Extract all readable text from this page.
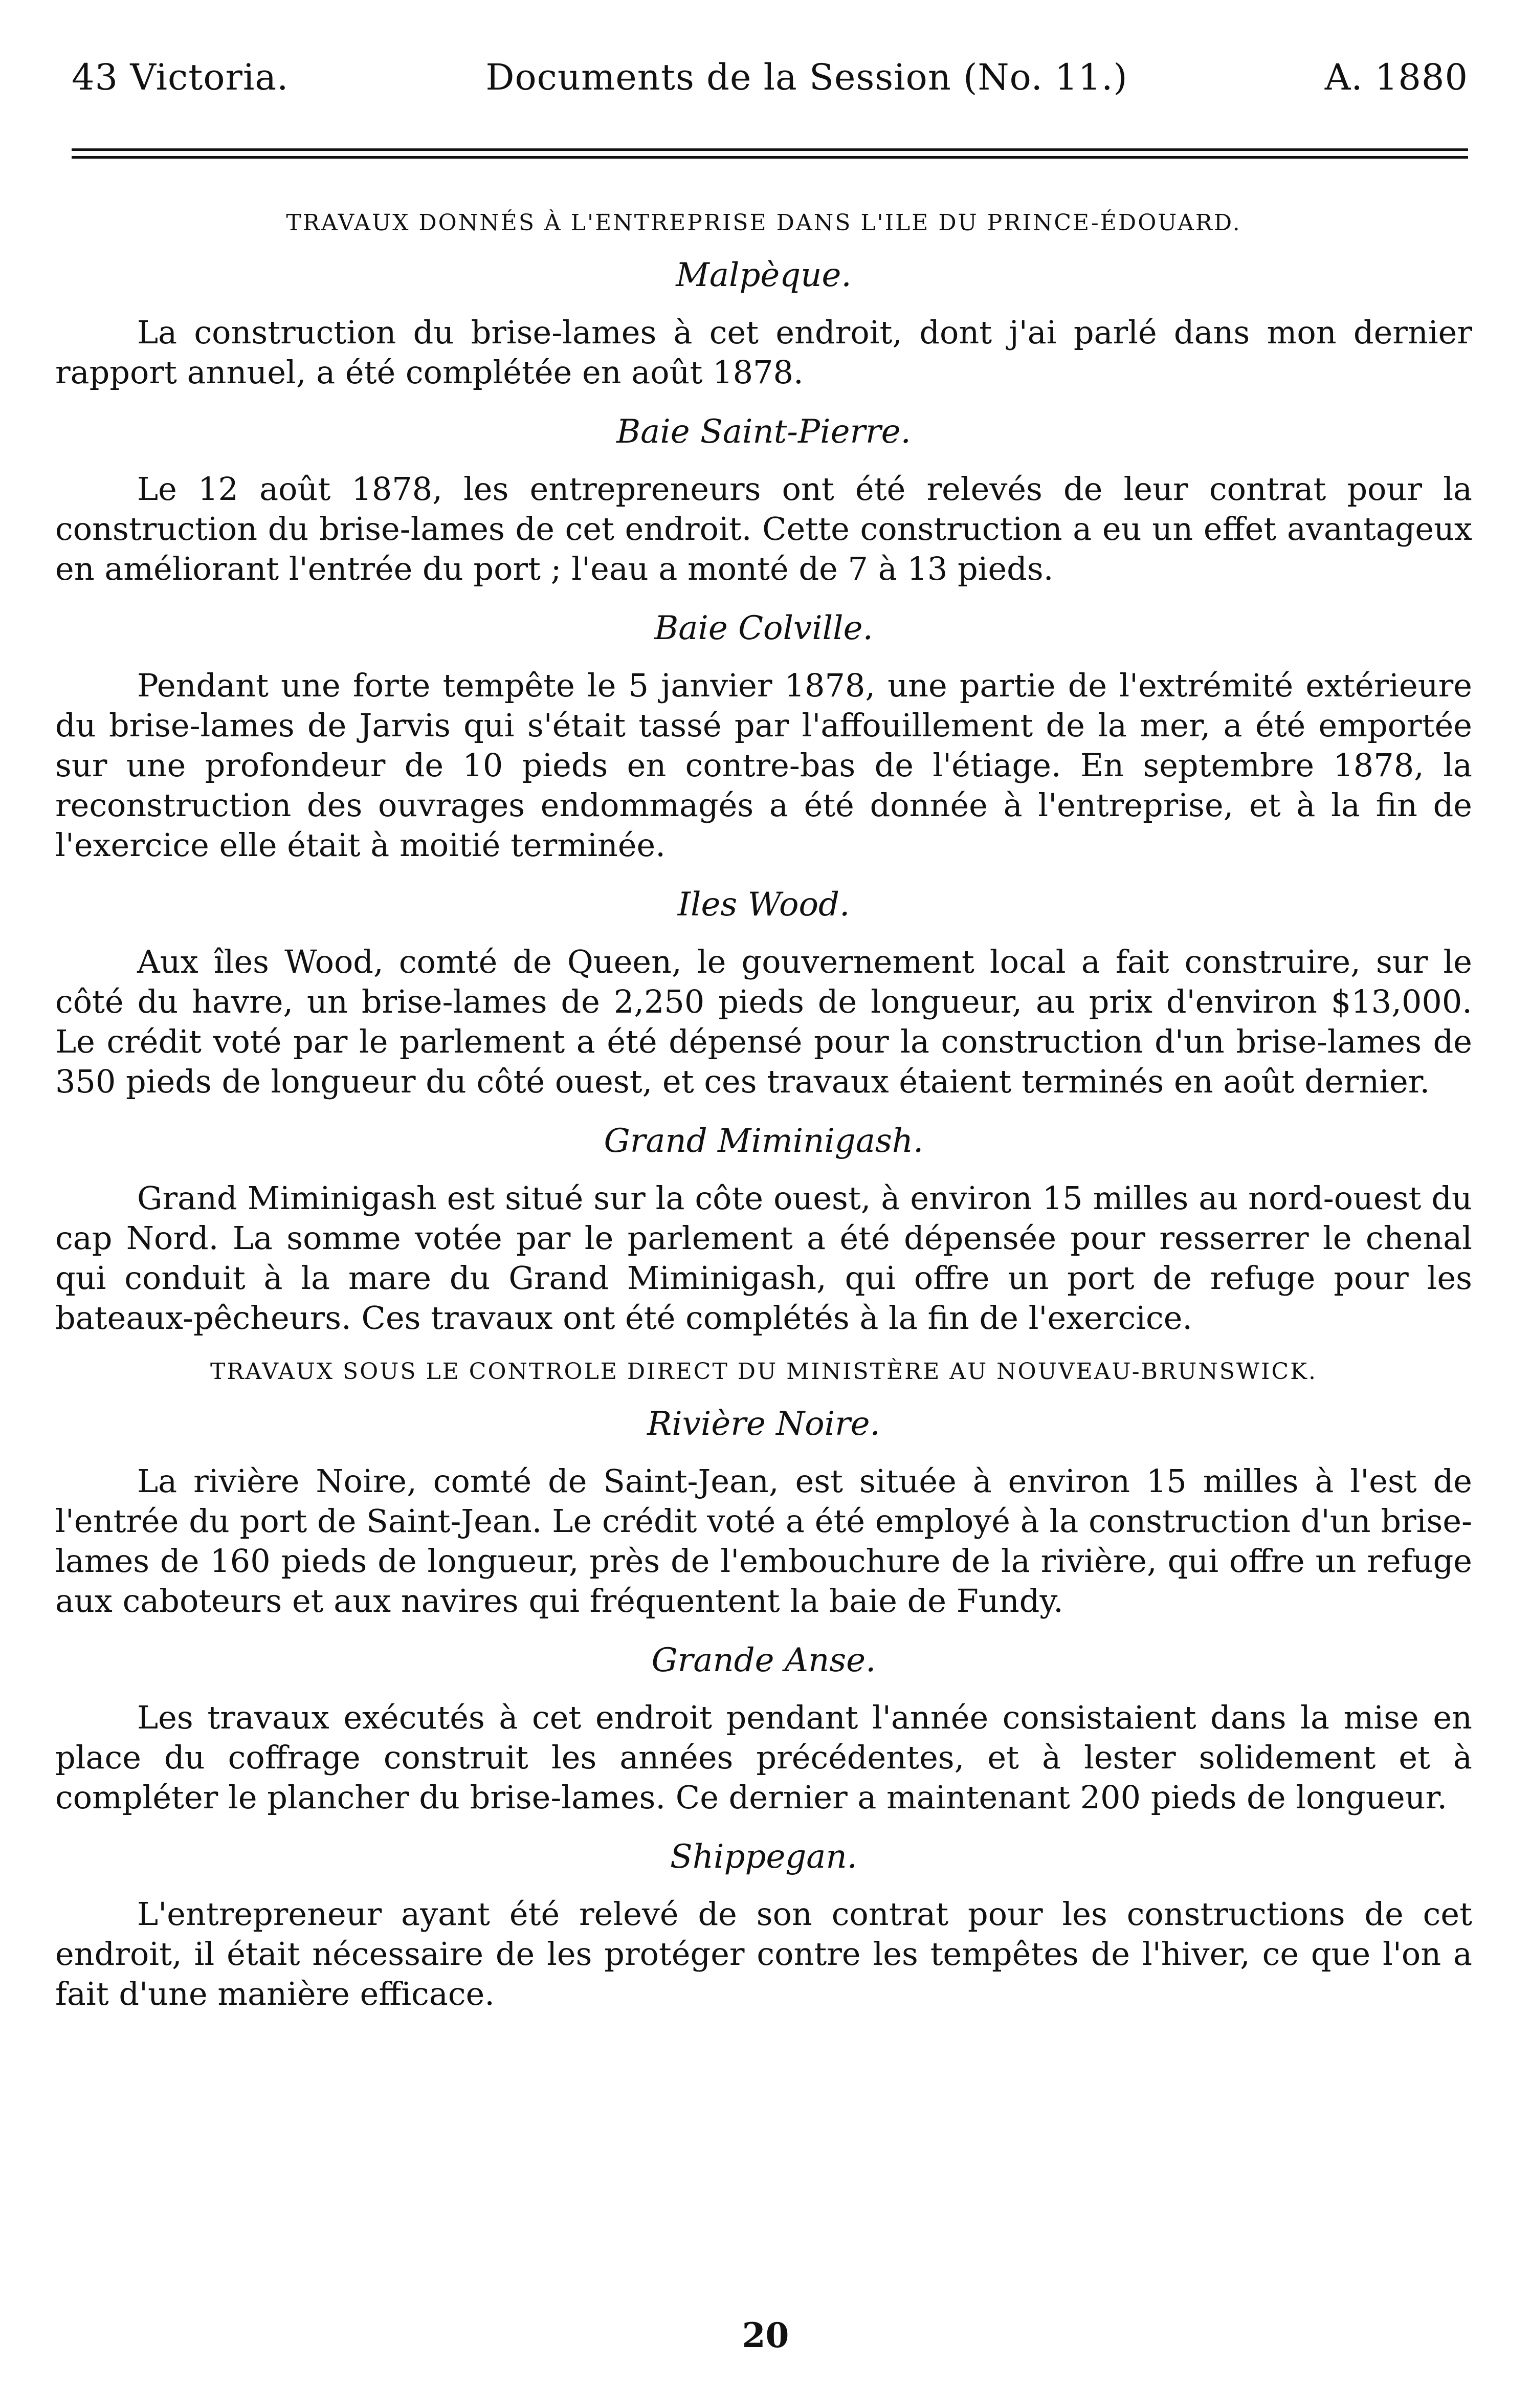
43 Victoria.	Documents de la Session (No. 11.)	A. 1880
TRAVAUX DONNÉS À L'ENTREPRISE DANS L'ILE DU PRINCE-ÉDOUARD.
Malpèque.

La construction du brise-lames à cet endroit, dont j'ai parlé dans mon dernier rapport annuel, a été complétée en août 1878.

Baie Saint-Pierre.

Le 12 août 1878, les entrepreneurs ont été relevés de leur contrat pour la construction du brise-lames de cet endroit. Cette construction a eu un effet avantageux en améliorant l'entrée du port ; l'eau a monté de 7 à 13 pieds.

Baie Colville.

Pendant une forte tempête le 5 janvier 1878, une partie de l'extrémité extérieure du brise-lames de Jarvis qui s'était tassé par l'affouillement de la mer, a été emportée sur une profondeur de 10 pieds en contre-bas de l'étiage. En septembre 1878, la reconstruction des ouvrages endommagés a été donnée à l'entreprise, et à la fin de l'exercice elle était à moitié terminée.

Iles Wood.

Aux îles Wood, comté de Queen, le gouvernement local a fait construire, sur le côté du havre, un brise-lames de 2,250 pieds de longueur, au prix d'environ $13,000. Le crédit voté par le parlement a été dépensé pour la construction d'un brise-lames de 350 pieds de longueur du côté ouest, et ces travaux étaient terminés en août dernier.

Grand Miminigash.

Grand Miminigash est situé sur la côte ouest, à environ 15 milles au nord-ouest du cap Nord. La somme votée par le parlement a été dépensée pour resserrer le chenal qui conduit à la mare du Grand Miminigash, qui offre un port de refuge pour les bateaux-pêcheurs. Ces travaux ont été complétés à la fin de l'exercice.

TRAVAUX SOUS LE CONTROLE DIRECT DU MINISTÈRE AU NOUVEAU-BRUNSWICK.
Rivière Noire.

La rivière Noire, comté de Saint-Jean, est située à environ 15 milles à l'est de l'entrée du port de Saint-Jean. Le crédit voté a été employé à la construction d'un brise-lames de 160 pieds de longueur, près de l'embouchure de la rivière, qui offre un refuge aux caboteurs et aux navires qui fréquentent la baie de Fundy.

Grande Anse.

Les travaux exécutés à cet endroit pendant l'année consistaient dans la mise en place du coffrage construit les années précédentes, et à lester solidement et à compléter le plancher du brise-lames. Ce dernier a maintenant 200 pieds de longueur.

Shippegan.

L'entrepreneur ayant été relevé de son contrat pour les constructions de cet endroit, il était nécessaire de les protéger contre les tempêtes de l'hiver, ce que l'on a fait d'une manière efficace.

20
